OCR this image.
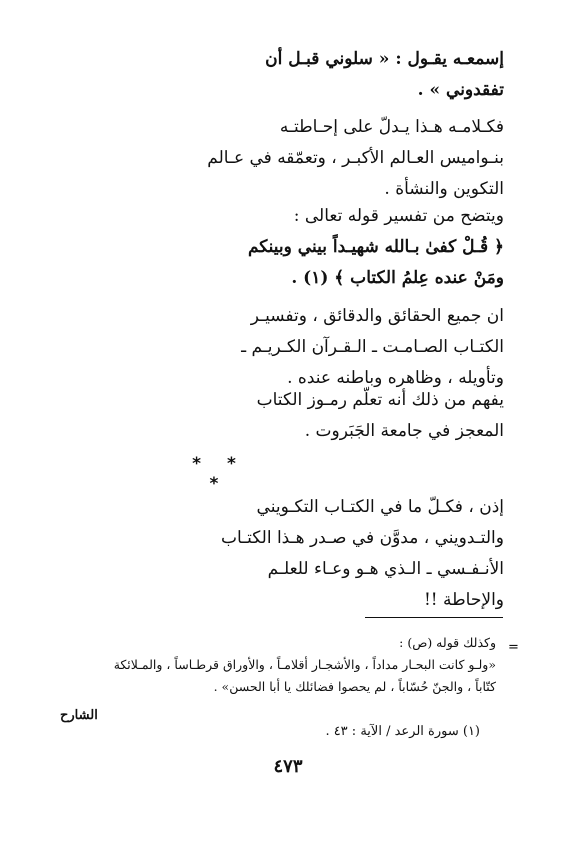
إسمعـه يقـول : « سلوني قبـل أن
تفقدوني » .
فكـلامـه هـذا يـدلّ على إحـاطتـه
بنـواميس العـالم الأكبـر ، وتعمّقه في عـالم
التكوين والنشأة .
ويتضح من تفسير قوله تعالى :
﴿ قُـلْ كفىٰ بـالله شهيـداً بيني وبينكم
ومَنْ عنده عِلمُ الكتاب ﴾ (١) .
ان جميع الحقائق والدقائق ، وتفسيـر
الكتـاب الصـامـت ـ الـقـرآن الكـريـم ـ
وتأويله ، وظاهره وباطنه عنده .
يفهم من ذلك أنه تعلّم رمـوز الكتاب
المعجز في جامعة الجَبَروت .
* * *
إذن ، فكـلّ ما في الكتـاب التكـويني
والتـدويني ، مدوَّن في صـدر هـذا الكتـاب
الأنـفـسي ـ الـذي هـو وعـاء للعلـم
والإحاطة !!
=
وكذلك قوله (ص) :
«ولـو كانت البحـار مداداً ، والأشجـار أقلامـاً ، والأوراق قرطـاساً ، والمـلائكة
كتّاباً ، والجنّ حُسّاباً ، لم يحصوا فضائلك يا أبا الحسن» .
الشارح
(١) سورة الرعد / الآية : ٤٣ .
٤٧٣
